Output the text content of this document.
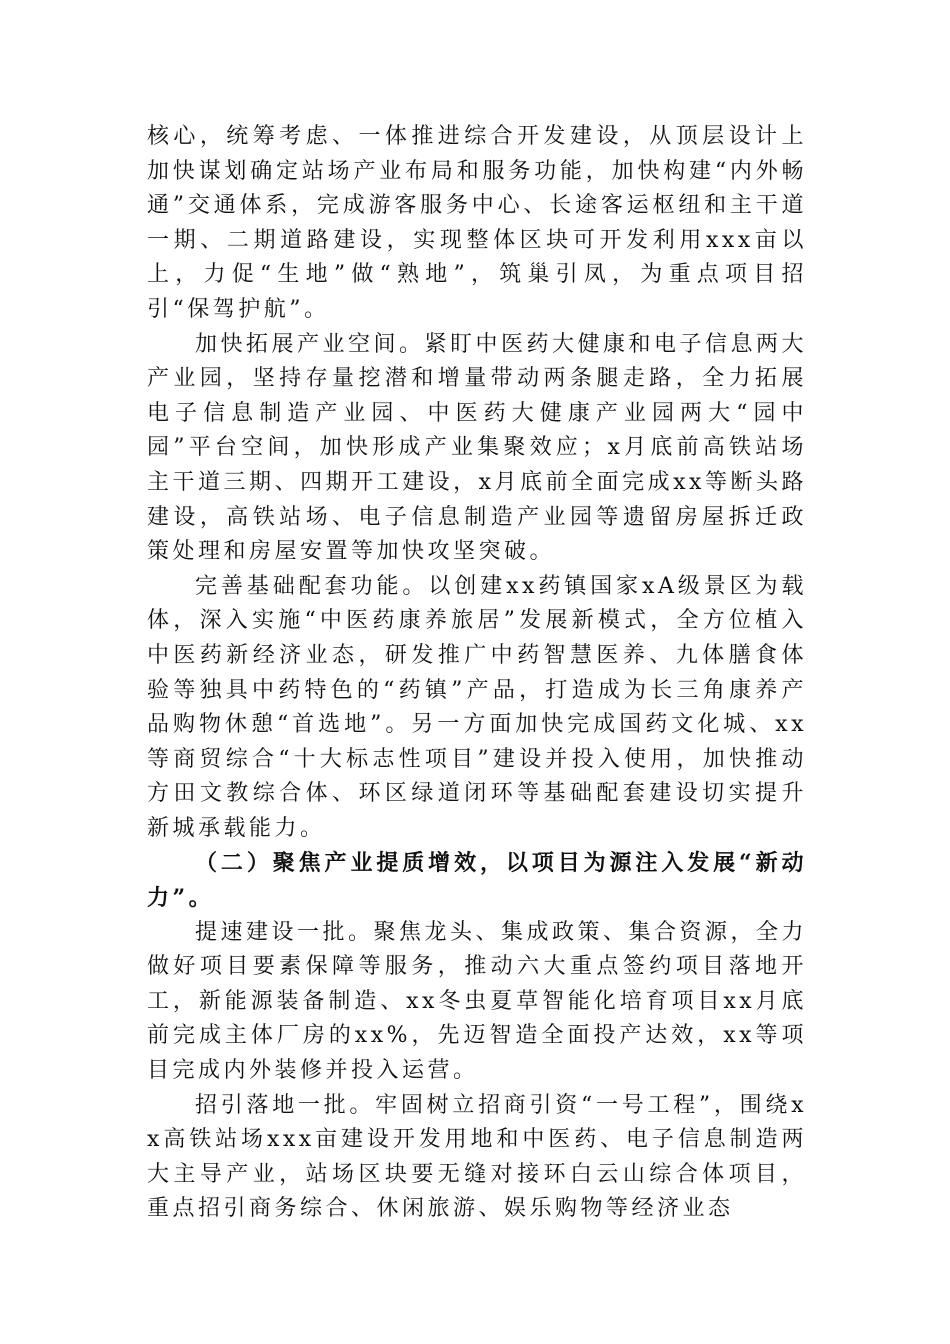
核心，统筹考虑、一体推进综合开发建设，从顶层设计上加快谋划确定站场产业布局和服务功能，加快构建“内外畅通”交通体系，完成游客服务中心、长途客运枢纽和主干道一期、二期道路建设，实现整体区块可开发利用xxx亩以上，力促“生地”做“熟地”，筑巢引凤，为重点项目招引“保驾护航”。

加快拓展产业空间。紧盯中医药大健康和电子信息两大产业园，坚持存量挖潜和增量带动两条腿走路，全力拓展电子信息制造产业园、中医药大健康产业园两大“园中园”平台空间，加快形成产业集聚效应；x月底前高铁站场主干道三期、四期开工建设，x月底前全面完成xx等断头路建设，高铁站场、电子信息制造产业园等遗留房屋拆迁政策处理和房屋安置等加快攻坚突破。

完善基础配套功能。以创建xx药镇国家xA级景区为载体，深入实施“中医药康养旅居”发展新模式，全方位植入中医药新经济业态，研发推广中药智慧医养、九体膳食体验等独具中药特色的“药镇”产品，打造成为长三角康养产品购物休憩“首选地”。另一方面加快完成国药文化城、xx等商贸综合“十大标志性项目”建设并投入使用，加快推动方田文教综合体、环区绿道闭环等基础配套建设切实提升新城承载能力。

（二）聚焦产业提质增效，以项目为源注入发展“新动力”。

提速建设一批。聚焦龙头、集成政策、集合资源，全力做好项目要素保障等服务，推动六大重点签约项目落地开工，新能源装备制造、xx冬虫夏草智能化培育项目xx月底前完成主体厂房的xx%，先迈智造全面投产达效，xx等项目完成内外装修并投入运营。

招引落地一批。牢固树立招商引资“一号工程”，围绕xx高铁站场xxx亩建设开发用地和中医药、电子信息制造两大主导产业，站场区块要无缝对接环白云山综合体项目，重点招引商务综合、休闲旅游、娱乐购物等经济业态
